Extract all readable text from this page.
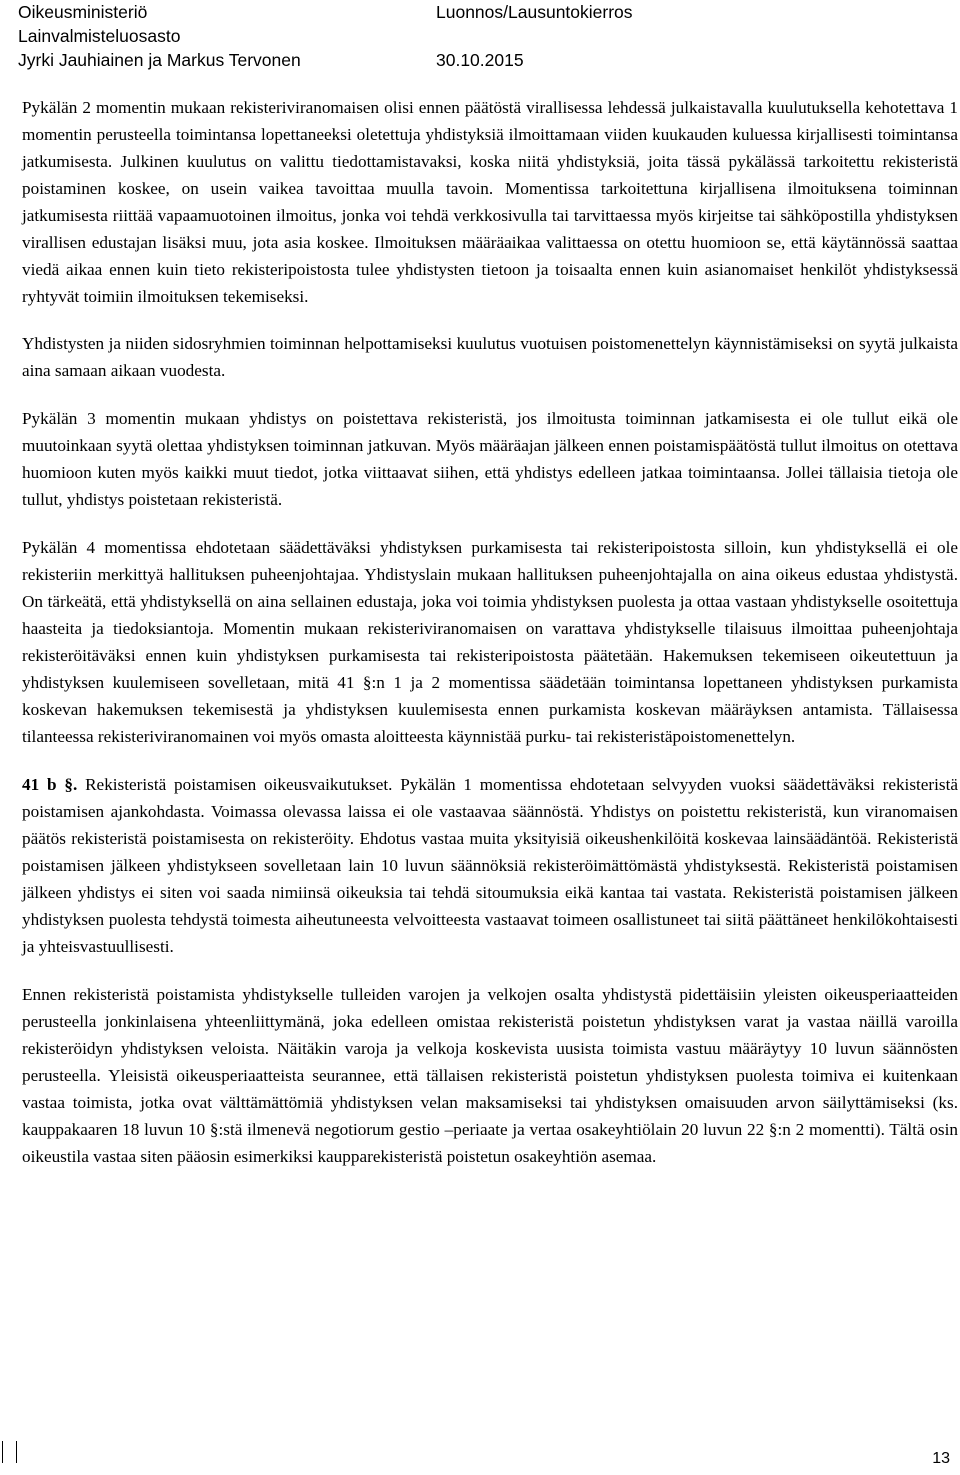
Oikeusministeriö	Luonnos/Lausuntokierros
Lainvalmisteluosasto
Jyrki Jauhiainen ja Markus Tervonen	30.10.2015

Pykälän 2 momentin mukaan rekisteriviranomaisen olisi ennen päätöstä virallisessa lehdessä julkaistavalla kuulutuksella kehotettava 1 momentin perusteella toimintansa lopettaneeksi oletettuja yhdistyksiä ilmoittamaan viiden kuukauden kuluessa kirjallisesti toimintansa jatkumisesta. Julkinen kuulutus on valittu tiedottamistavaksi, koska niitä yhdistyksiä, joita tässä pykälässä tarkoitettu rekisteristä poistaminen koskee, on usein vaikea tavoittaa muulla tavoin. Momentissa tarkoitettuna kirjallisena ilmoituksena toiminnan jatkumisesta riittää vapaamuotoinen ilmoitus, jonka voi tehdä verkkosivulla tai tarvittaessa myös kirjeitse tai sähköpostilla yhdistyksen virallisen edustajan lisäksi muu, jota asia koskee. Ilmoituksen määräaikaa valittaessa on otettu huomioon se, että käytännössä saattaa viedä aikaa ennen kuin tieto rekisteripoistosta tulee yhdistysten tietoon ja toisaalta ennen kuin asianomaiset henkilöt yhdistyksessä ryhtyvät toimiin ilmoituksen tekemiseksi.

Yhdistysten ja niiden sidosryhmien toiminnan helpottamiseksi kuulutus vuotuisen poistomenettelyn käynnistämiseksi on syytä julkaista aina samaan aikaan vuodesta.

Pykälän 3 momentin mukaan yhdistys on poistettava rekisteristä, jos ilmoitusta toiminnan jatkamisesta ei ole tullut eikä ole muutoinkaan syytä olettaa yhdistyksen toiminnan jatkuvan. Myös määräajan jälkeen ennen poistamispäätöstä tullut ilmoitus on otettava huomioon kuten myös kaikki muut tiedot, jotka viittaavat siihen, että yhdistys edelleen jatkaa toimintaansa. Jollei tällaisia tietoja ole tullut, yhdistys poistetaan rekisteristä.

Pykälän 4 momentissa ehdotetaan säädettäväksi yhdistyksen purkamisesta tai rekisteripoistosta silloin, kun yhdistyksellä ei ole rekisteriin merkittyä hallituksen puheenjohtajaa. Yhdistyslain mukaan hallituksen puheenjohtajalla on aina oikeus edustaa yhdistystä. On tärkeätä, että yhdistyksellä on aina sellainen edustaja, joka voi toimia yhdistyksen puolesta ja ottaa vastaan yhdistykselle osoitettuja haasteita ja tiedoksiantoja. Momentin mukaan rekisteriviranomaisen on varattava yhdistykselle tilaisuus ilmoittaa puheenjohtaja rekisteröitäväksi ennen kuin yhdistyksen purkamisesta tai rekisteripoistosta päätetään. Hakemuksen tekemiseen oikeutettuun ja yhdistyksen kuulemiseen sovelletaan, mitä 41 §:n 1 ja 2 momentissa säädetään toimintansa lopettaneen yhdistyksen purkamista koskevan hakemuksen tekemisestä ja yhdistyksen kuulemisesta ennen purkamista koskevan määräyksen antamista. Tällaisessa tilanteessa rekisteriviranomainen voi myös omasta aloitteesta käynnistää purku- tai rekisteristäpoistomenettelyn.

41 b §. Rekisteristä poistamisen oikeusvaikutukset. Pykälän 1 momentissa ehdotetaan selvyyden vuoksi säädettäväksi rekisteristä poistamisen ajankohdasta. Voimassa olevassa laissa ei ole vastaavaa säännöstä. Yhdistys on poistettu rekisteristä, kun viranomaisen päätös rekisteristä poistamisesta on rekisteröity. Ehdotus vastaa muita yksityisiä oikeushenkilöitä koskevaa lainsäädäntöä. Rekisteristä poistamisen jälkeen yhdistykseen sovelletaan lain 10 luvun säännöksiä rekisteröimättömästä yhdistyksestä. Rekisteristä poistamisen jälkeen yhdistys ei siten voi saada nimiinsä oikeuksia tai tehdä sitoumuksia eikä kantaa tai vastata. Rekisteristä poistamisen jälkeen yhdistyksen puolesta tehdystä toimesta aiheutuneesta velvoitteesta vastaavat toimeen osallistuneet tai siitä päättäneet henkilökohtaisesti ja yhteisvastuullisesti.

Ennen rekisteristä poistamista yhdistykselle tulleiden varojen ja velkojen osalta yhdistystä pidettäisiin yleisten oikeusperiaatteiden perusteella jonkinlaisena yhteenliittymänä, joka edelleen omistaa rekisteristä poistetun yhdistyksen varat ja vastaa näillä varoilla rekisteröidyn yhdistyksen veloista. Näitäkin varoja ja velkoja koskevista uusista toimista vastuu määräytyy 10 luvun säännösten perusteella. Yleisistä oikeusperiaatteista seurannee, että tällaisen rekisteristä poistetun yhdistyksen puolesta toimiva ei kuitenkaan vastaa toimista, jotka ovat välttämättömiä yhdistyksen velan maksamiseksi tai yhdistyksen omaisuuden arvon säilyttämiseksi (ks. kauppakaaren 18 luvun 10 §:stä ilmenevä negotiorum gestio –periaate ja vertaa osakeyhtiölain 20 luvun 22 §:n 2 momentti). Tältä osin oikeustila vastaa siten pääosin esimerkiksi kaupparekisteristä poistetun osakeyhtiön asemaa.

13
